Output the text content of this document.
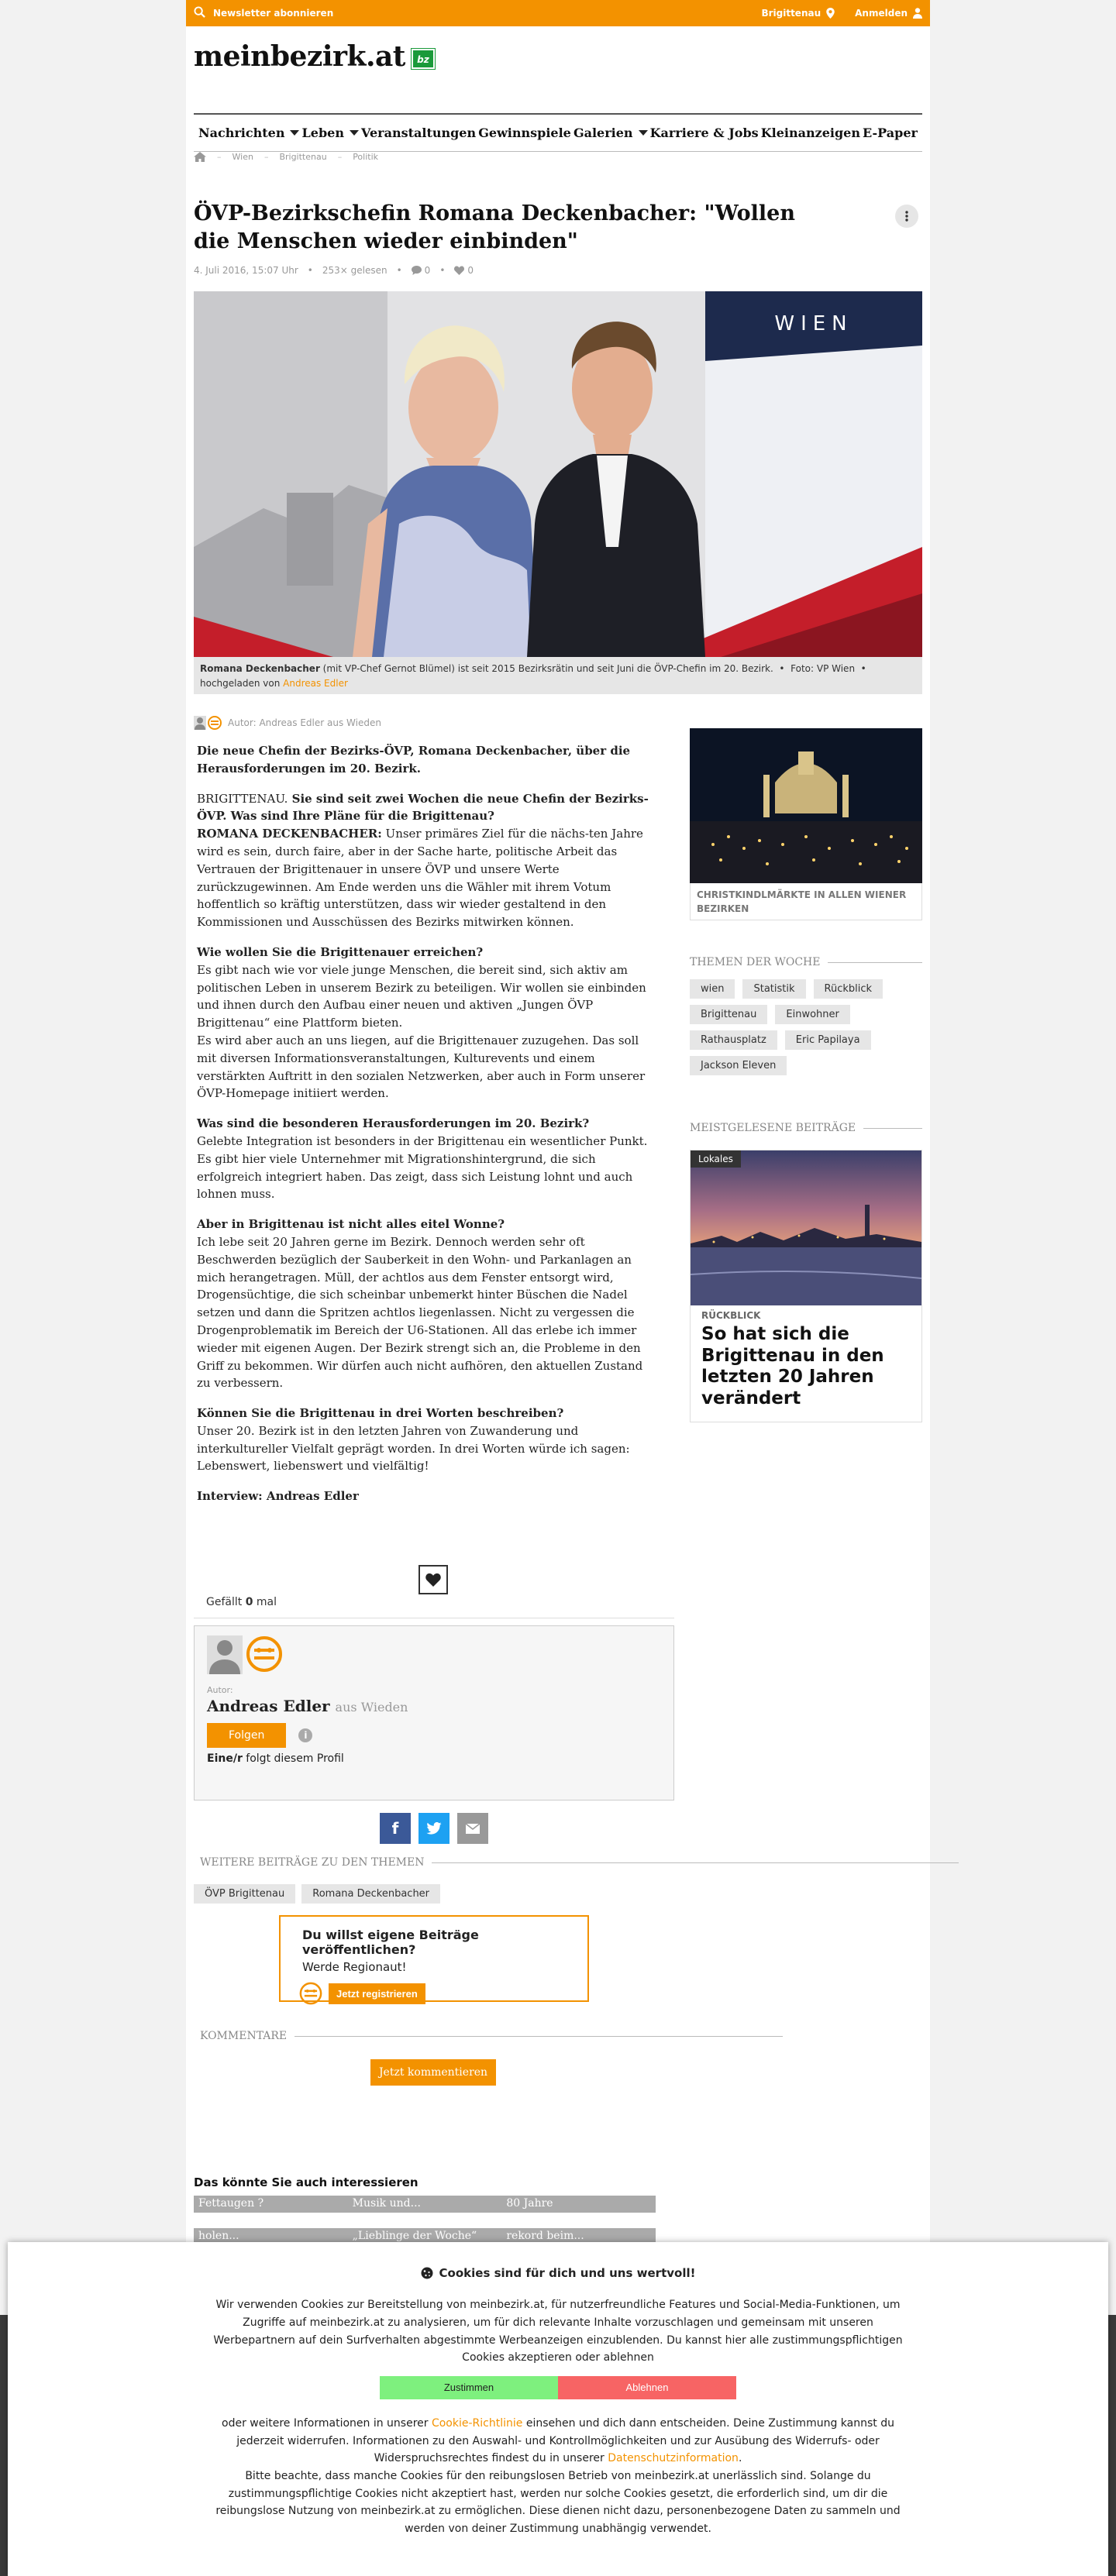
Newsletter abonnieren	Brigittenau	Anmelden
meinbezirk.at	bz
Nachrichten Leben Veranstaltungen Gewinnspiele Galerien Karriere & Jobs Kleinanzeigen E-Paper
– Wien – Brigittenau – Politik
ÖVP-Bezirkschefin Romana Deckenbacher: "Wollen die Menschen wieder einbinden"
4. Juli 2016, 15:07 Uhr • 253× gelesen • 0 • 0
WIEN
Romana Deckenbacher (mit VP-Chef Gernot Blümel) ist seit 2015 Bezirksrätin und seit Juni die ÖVP-Chefin im 20. Bezirk.  •  Foto: VP Wien  •  hochgeladen von Andreas Edler
Autor: Andreas Edler aus Wieden

Die neue Chefin der Bezirks-ÖVP, Romana Deckenbacher, über die Herausforderungen im 20. Bezirk.

BRIGITTENAU. Sie sind seit zwei Wochen die neue Chefin der Bezirks-ÖVP. Was sind Ihre Pläne für die Brigittenau?
ROMANA DECKENBACHER: Unser primäres Ziel für die nächs-ten Jahre wird es sein, durch faire, aber in der Sache harte, politische Arbeit das Vertrauen der Brigittenauer in unsere ÖVP und unsere Werte zurückzugewinnen. Am Ende werden uns die Wähler mit ihrem Votum hoffentlich so kräftig unterstützen, dass wir wieder gestaltend in den Kommissionen und Ausschüssen des Bezirks mitwirken können.

Wie wollen Sie die Brigittenauer erreichen?
Es gibt nach wie vor viele junge Menschen, die bereit sind, sich aktiv am politischen Leben in unserem Bezirk zu beteiligen. Wir wollen sie einbinden und ihnen durch den Aufbau einer neuen und aktiven „Jungen ÖVP Brigittenau“ eine Plattform bieten.
Es wird aber auch an uns liegen, auf die Brigittenauer zuzugehen. Das soll mit diversen Informationsveranstaltungen, Kulturevents und einem verstärkten Auftritt in den sozialen Netzwerken, aber auch in Form unserer ÖVP-Homepage initiiert werden.

Was sind die besonderen Herausforderungen im 20. Bezirk?
Gelebte Integration ist besonders in der Brigittenau ein wesentlicher Punkt. Es gibt hier viele Unternehmer mit Migrationshintergrund, die sich erfolgreich integriert haben. Das zeigt, dass sich Leistung lohnt und auch lohnen muss.

Aber in Brigittenau ist nicht alles eitel Wonne?
Ich lebe seit 20 Jahren gerne im Bezirk. Dennoch werden sehr oft Beschwerden bezüglich der Sauberkeit in den Wohn- und Parkanlagen an mich herangetragen. Müll, der achtlos aus dem Fenster entsorgt wird, Drogensüchtige, die sich scheinbar unbemerkt hinter Büschen die Nadel setzen und dann die Spritzen achtlos liegenlassen. Nicht zu vergessen die Drogenproblematik im Bereich der U6-Stationen. All das erlebe ich immer wieder mit eigenen Augen. Der Bezirk strengt sich an, die Probleme in den Griff zu bekommen. Wir dürfen auch nicht aufhören, den aktuellen Zustand zu verbessern.

Können Sie die Brigittenau in drei Worten beschreiben?
Unser 20. Bezirk ist in den letzten Jahren von Zuwanderung und interkultureller Vielfalt geprägt worden. In drei Worten würde ich sagen: Lebenswert, liebenswert und vielfältig!

Interview: Andreas Edler

CHRISTKINDLMÄRKTE IN ALLEN WIENER BEZIRKEN
THEMEN DER WOCHE
wien	Statistik	Rückblick
Brigittenau	Einwohner
Rathausplatz	Eric Papilaya
Jackson Eleven
MEISTGELESENE BEITRÄGE
Lokales
RÜCKBLICK
So hat sich die Brigittenau in den letzten 20 Jahren verändert
Gefällt 0 mal
Autor:
Andreas Edler aus Wieden
Folgen	i
Eine/r folgt diesem Profil
f
WEITERE BEITRÄGE ZU DEN THEMEN
ÖVP Brigittenau	Romana Deckenbacher
Du willst eigene Beiträge veröffentlichen?
Werde Regionaut!
Jetzt registrieren
KOMMENTARE
Jetzt kommentieren
Das könnte Sie auch interessieren
Fettaugen ?	Musik und...	80 Jahre
holen...	„Lieblinge der Woche“	rekord beim...
Cookies sind für dich und uns wertvoll!
Wir verwenden Cookies zur Bereitstellung von meinbezirk.at, für nutzerfreundliche Features und Social-Media-Funktionen, um Zugriffe auf meinbezirk.at zu analysieren, um für dich relevante Inhalte vorzuschlagen und gemeinsam mit unseren Werbepartnern auf dein Surfverhalten abgestimmte Werbeanzeigen einzublenden. Du kannst hier alle zustimmungspflichtigen Cookies akzeptieren oder ablehnen
Zustimmen	Ablehnen
oder weitere Informationen in unserer Cookie-Richtlinie einsehen und dich dann entscheiden. Deine Zustimmung kannst du jederzeit widerrufen. Informationen zu den Auswahl- und Kontrollmöglichkeiten und zur Ausübung des Widerrufs- oder Widerspruchsrechtes findest du in unserer Datenschutzinformation.
Bitte beachte, dass manche Cookies für den reibungslosen Betrieb von meinbezirk.at unerlässlich sind. Solange du zustimmungspflichtige Cookies nicht akzeptiert hast, werden nur solche Cookies gesetzt, die erforderlich sind, um dir die reibungslose Nutzung von meinbezirk.at zu ermöglichen. Diese dienen nicht dazu, personenbezogene Daten zu sammeln und werden von deiner Zustimmung unabhängig verwendet.
